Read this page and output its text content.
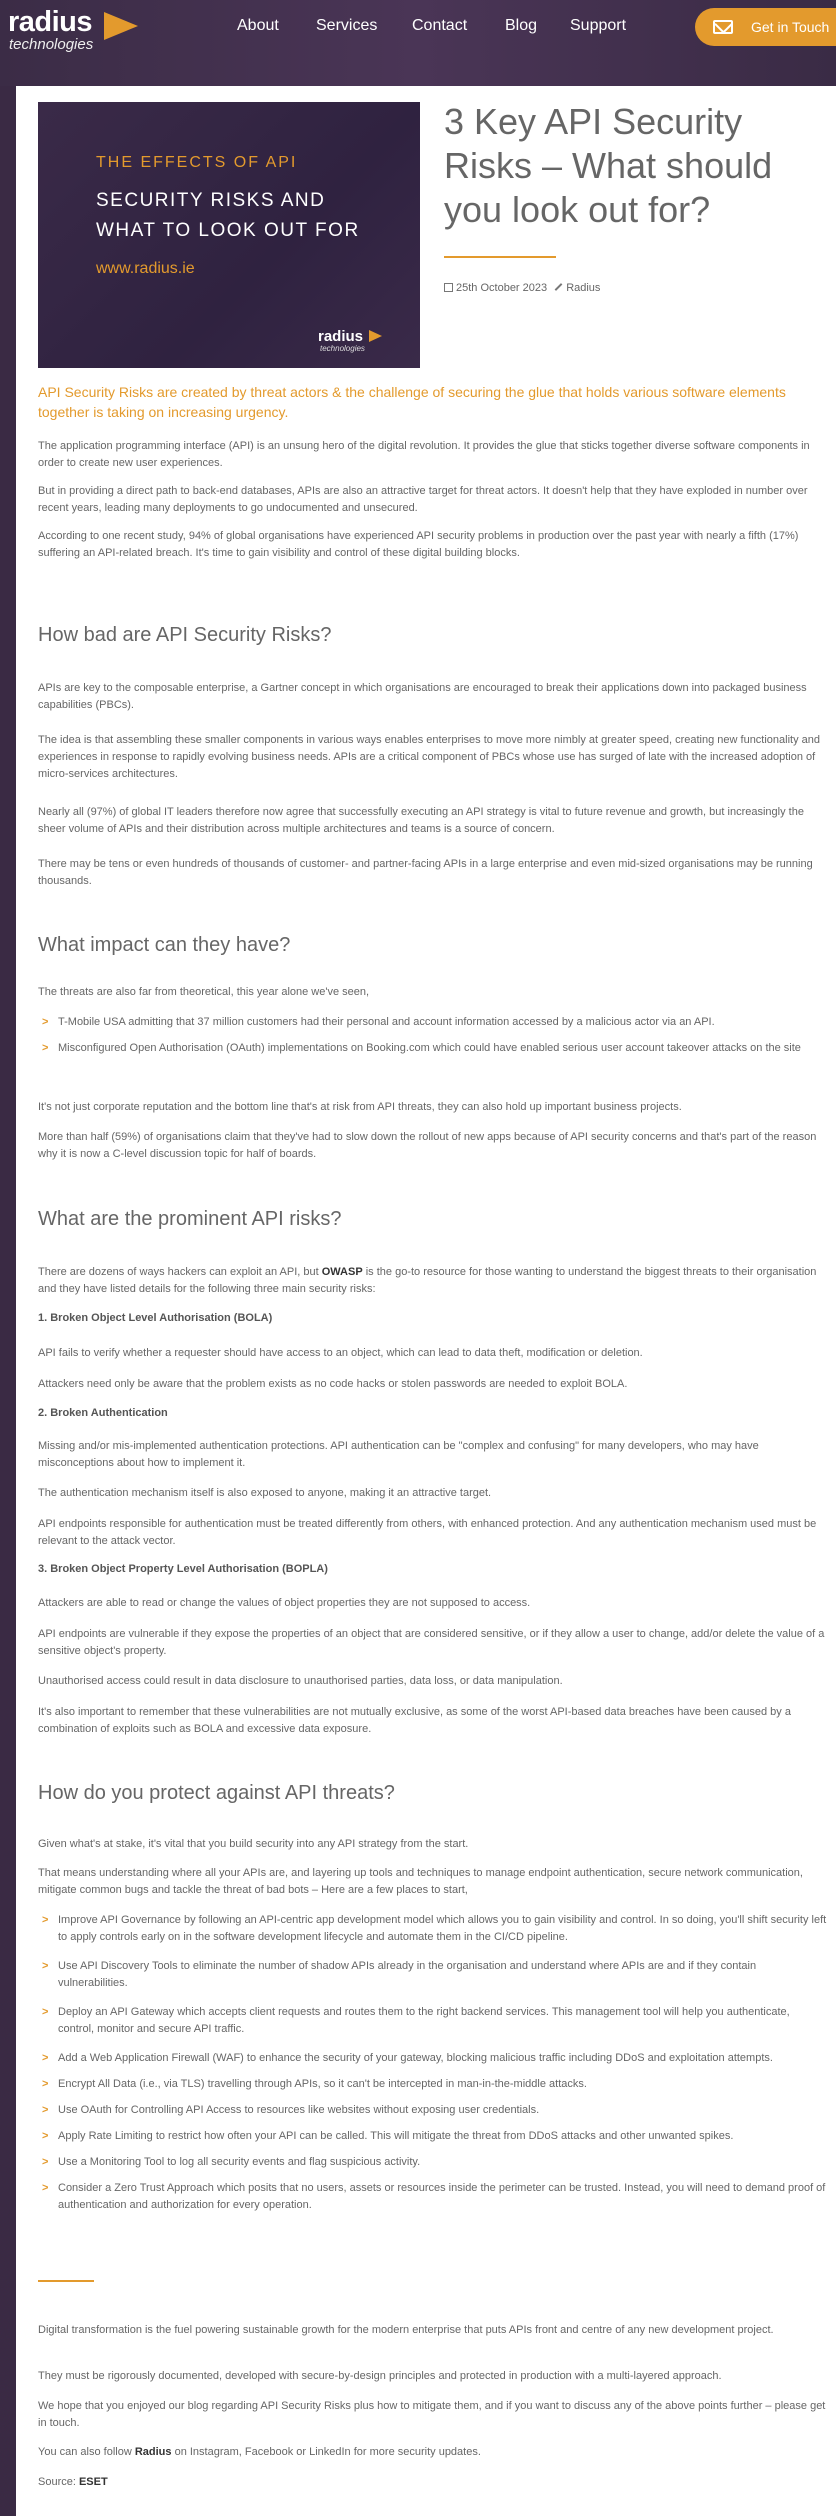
radius
technologies
About Services Contact Blog Support	Get in Touch
THE EFFECTS OF API
SECURITY RISKS AND
WHAT TO LOOK OUT FOR
www.radius.ie
radius
technologies
3 Key API Security Risks – What should you look out for?
25th October 2023 Radius
API Security Risks are created by threat actors & the challenge of securing the glue that holds various software elements together is taking on increasing urgency.
The application programming interface (API) is an unsung hero of the digital revolution. It provides the glue that sticks together diverse software components in order to create new user experiences.
But in providing a direct path to back-end databases, APIs are also an attractive target for threat actors. It doesn't help that they have exploded in number over recent years, leading many deployments to go undocumented and unsecured.
According to one recent study, 94% of global organisations have experienced API security problems in production over the past year with nearly a fifth (17%) suffering an API-related breach. It's time to gain visibility and control of these digital building blocks.
How bad are API Security Risks?
APIs are key to the composable enterprise, a Gartner concept in which organisations are encouraged to break their applications down into packaged business capabilities (PBCs).
The idea is that assembling these smaller components in various ways enables enterprises to move more nimbly at greater speed, creating new functionality and experiences in response to rapidly evolving business needs. APIs are a critical component of PBCs whose use has surged of late with the increased adoption of micro-services architectures.
Nearly all (97%) of global IT leaders therefore now agree that successfully executing an API strategy is vital to future revenue and growth, but increasingly the sheer volume of APIs and their distribution across multiple architectures and teams is a source of concern.
There may be tens or even hundreds of thousands of customer- and partner-facing APIs in a large enterprise and even mid-sized organisations may be running thousands.
What impact can they have?
The threats are also far from theoretical, this year alone we've seen,
> T-Mobile USA admitting that 37 million customers had their personal and account information accessed by a malicious actor via an API.
> Misconfigured Open Authorisation (OAuth) implementations on Booking.com which could have enabled serious user account takeover attacks on the site
It's not just corporate reputation and the bottom line that's at risk from API threats, they can also hold up important business projects.
More than half (59%) of organisations claim that they've had to slow down the rollout of new apps because of API security concerns and that's part of the reason why it is now a C-level discussion topic for half of boards.
What are the prominent API risks?
There are dozens of ways hackers can exploit an API, but OWASP is the go-to resource for those wanting to understand the biggest threats to their organisation and they have listed details for the following three main security risks:
1. Broken Object Level Authorisation (BOLA)
API fails to verify whether a requester should have access to an object, which can lead to data theft, modification or deletion.
Attackers need only be aware that the problem exists as no code hacks or stolen passwords are needed to exploit BOLA.
2. Broken Authentication
Missing and/or mis-implemented authentication protections. API authentication can be "complex and confusing" for many developers, who may have misconceptions about how to implement it.
The authentication mechanism itself is also exposed to anyone, making it an attractive target.
API endpoints responsible for authentication must be treated differently from others, with enhanced protection. And any authentication mechanism used must be relevant to the attack vector.
3. Broken Object Property Level Authorisation (BOPLA)
Attackers are able to read or change the values of object properties they are not supposed to access.
API endpoints are vulnerable if they expose the properties of an object that are considered sensitive, or if they allow a user to change, add/or delete the value of a sensitive object's property.
Unauthorised access could result in data disclosure to unauthorised parties, data loss, or data manipulation.
It's also important to remember that these vulnerabilities are not mutually exclusive, as some of the worst API-based data breaches have been caused by a combination of exploits such as BOLA and excessive data exposure.
How do you protect against API threats?
Given what's at stake, it's vital that you build security into any API strategy from the start.
That means understanding where all your APIs are, and layering up tools and techniques to manage endpoint authentication, secure network communication, mitigate common bugs and tackle the threat of bad bots – Here are a few places to start,
> Improve API Governance by following an API-centric app development model which allows you to gain visibility and control. In so doing, you'll shift security left to apply controls early on in the software development lifecycle and automate them in the CI/CD pipeline.
> Use API Discovery Tools to eliminate the number of shadow APIs already in the organisation and understand where APIs are and if they contain vulnerabilities.
> Deploy an API Gateway which accepts client requests and routes them to the right backend services. This management tool will help you authenticate, control, monitor and secure API traffic.
> Add a Web Application Firewall (WAF) to enhance the security of your gateway, blocking malicious traffic including DDoS and exploitation attempts.
> Encrypt All Data (i.e., via TLS) travelling through APIs, so it can't be intercepted in man-in-the-middle attacks.
> Use OAuth for Controlling API Access to resources like websites without exposing user credentials.
> Apply Rate Limiting to restrict how often your API can be called. This will mitigate the threat from DDoS attacks and other unwanted spikes.
> Use a Monitoring Tool to log all security events and flag suspicious activity.
> Consider a Zero Trust Approach which posits that no users, assets or resources inside the perimeter can be trusted. Instead, you will need to demand proof of authentication and authorization for every operation.
Digital transformation is the fuel powering sustainable growth for the modern enterprise that puts APIs front and centre of any new development project.
They must be rigorously documented, developed with secure-by-design principles and protected in production with a multi-layered approach.
We hope that you enjoyed our blog regarding API Security Risks plus how to mitigate them, and if you want to discuss any of the above points further – please get in touch.
You can also follow Radius on Instagram, Facebook or LinkedIn for more security updates.
Source: ESET
